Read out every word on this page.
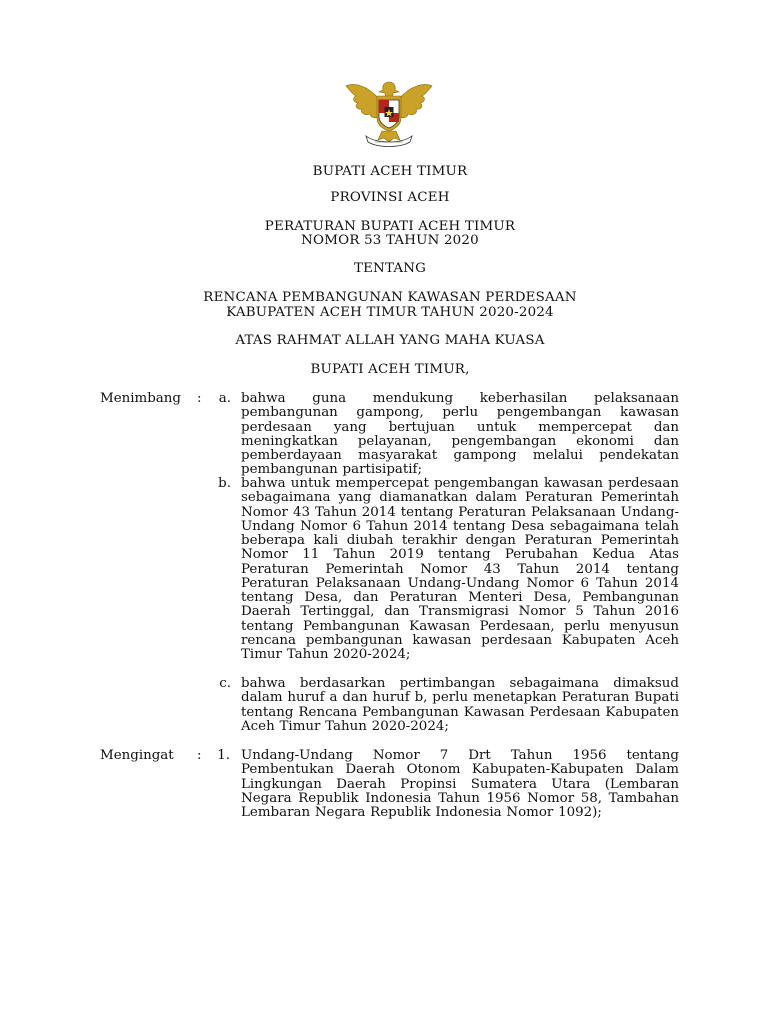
BUPATI ACEH TIMUR
PROVINSI ACEH
PERATURAN BUPATI ACEH TIMUR
NOMOR 53 TAHUN 2020
TENTANG
RENCANA PEMBANGUNAN KAWASAN PERDESAAN
KABUPATEN ACEH TIMUR TAHUN 2020-2024
ATAS RAHMAT ALLAH YANG MAHA KUASA
BUPATI ACEH TIMUR,
Menimbang :	a. bahwa guna mendukung keberhasilan pelaksanaan pembangunan gampong, perlu pengembangan kawasan perdesaan yang bertujuan untuk mempercepat dan meningkatkan pelayanan, pengembangan ekonomi dan pemberdayaan masyarakat gampong melalui pendekatan pembangunan partisipatif;
b. bahwa untuk mempercepat pengembangan kawasan perdesaan sebagaimana yang diamanatkan dalam Peraturan Pemerintah Nomor 43 Tahun 2014 tentang Peraturan Pelaksanaan Undang-Undang Nomor 6 Tahun 2014 tentang Desa sebagaimana telah beberapa kali diubah terakhir dengan Peraturan Pemerintah Nomor 11 Tahun 2019 tentang Perubahan Kedua Atas Peraturan Pemerintah Nomor 43 Tahun 2014 tentang Peraturan Pelaksanaan Undang-Undang Nomor 6 Tahun 2014 tentang Desa, dan Peraturan Menteri Desa, Pembangunan Daerah Tertinggal, dan Transmigrasi Nomor 5 Tahun 2016 tentang Pembangunan Kawasan Perdesaan, perlu menyusun rencana pembangunan kawasan perdesaan Kabupaten Aceh Timur Tahun 2020-2024;
c. bahwa berdasarkan pertimbangan sebagaimana dimaksud dalam huruf a dan huruf b, perlu menetapkan Peraturan Bupati tentang Rencana Pembangunan Kawasan Perdesaan Kabupaten Aceh Timur Tahun 2020-2024;
Mengingat :	1. Undang-Undang Nomor 7 Drt Tahun 1956 tentang Pembentukan Daerah Otonom Kabupaten-Kabupaten Dalam Lingkungan Daerah Propinsi Sumatera Utara (Lembaran Negara Republik Indonesia Tahun 1956 Nomor 58, Tambahan Lembaran Negara Republik Indonesia Nomor 1092);
